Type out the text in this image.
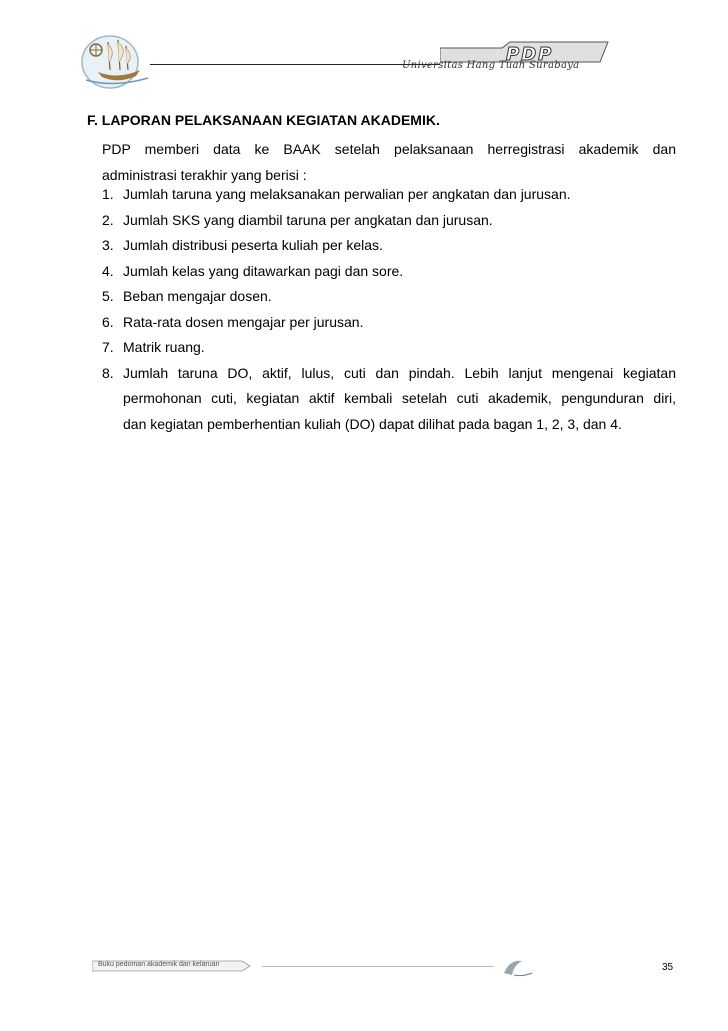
PDP
Universitas Hang Tuah Surabaya
F. LAPORAN PELAKSANAAN KEGIATAN AKADEMIK.
PDP memberi data ke BAAK setelah pelaksanaan herregistrasi akademik dan
administrasi terakhir yang berisi :
1. Jumlah taruna yang melaksanakan perwalian per angkatan dan jurusan.
2. Jumlah SKS yang diambil taruna per angkatan dan jurusan.
3. Jumlah distribusi peserta kuliah per kelas.
4. Jumlah kelas yang ditawarkan pagi dan sore.
5. Beban mengajar dosen.
6. Rata-rata dosen mengajar per jurusan.
7. Matrik ruang.
8. Jumlah taruna DO, aktif, lulus, cuti dan pindah. Lebih lanjut mengenai kegiatan
permohonan cuti, kegiatan aktif kembali setelah cuti akademik, pengunduran diri,
dan kegiatan pemberhentian kuliah (DO) dapat dilihat pada bagan 1, 2, 3, dan 4.
Buku pedoman akademik dan kelaruan	35
